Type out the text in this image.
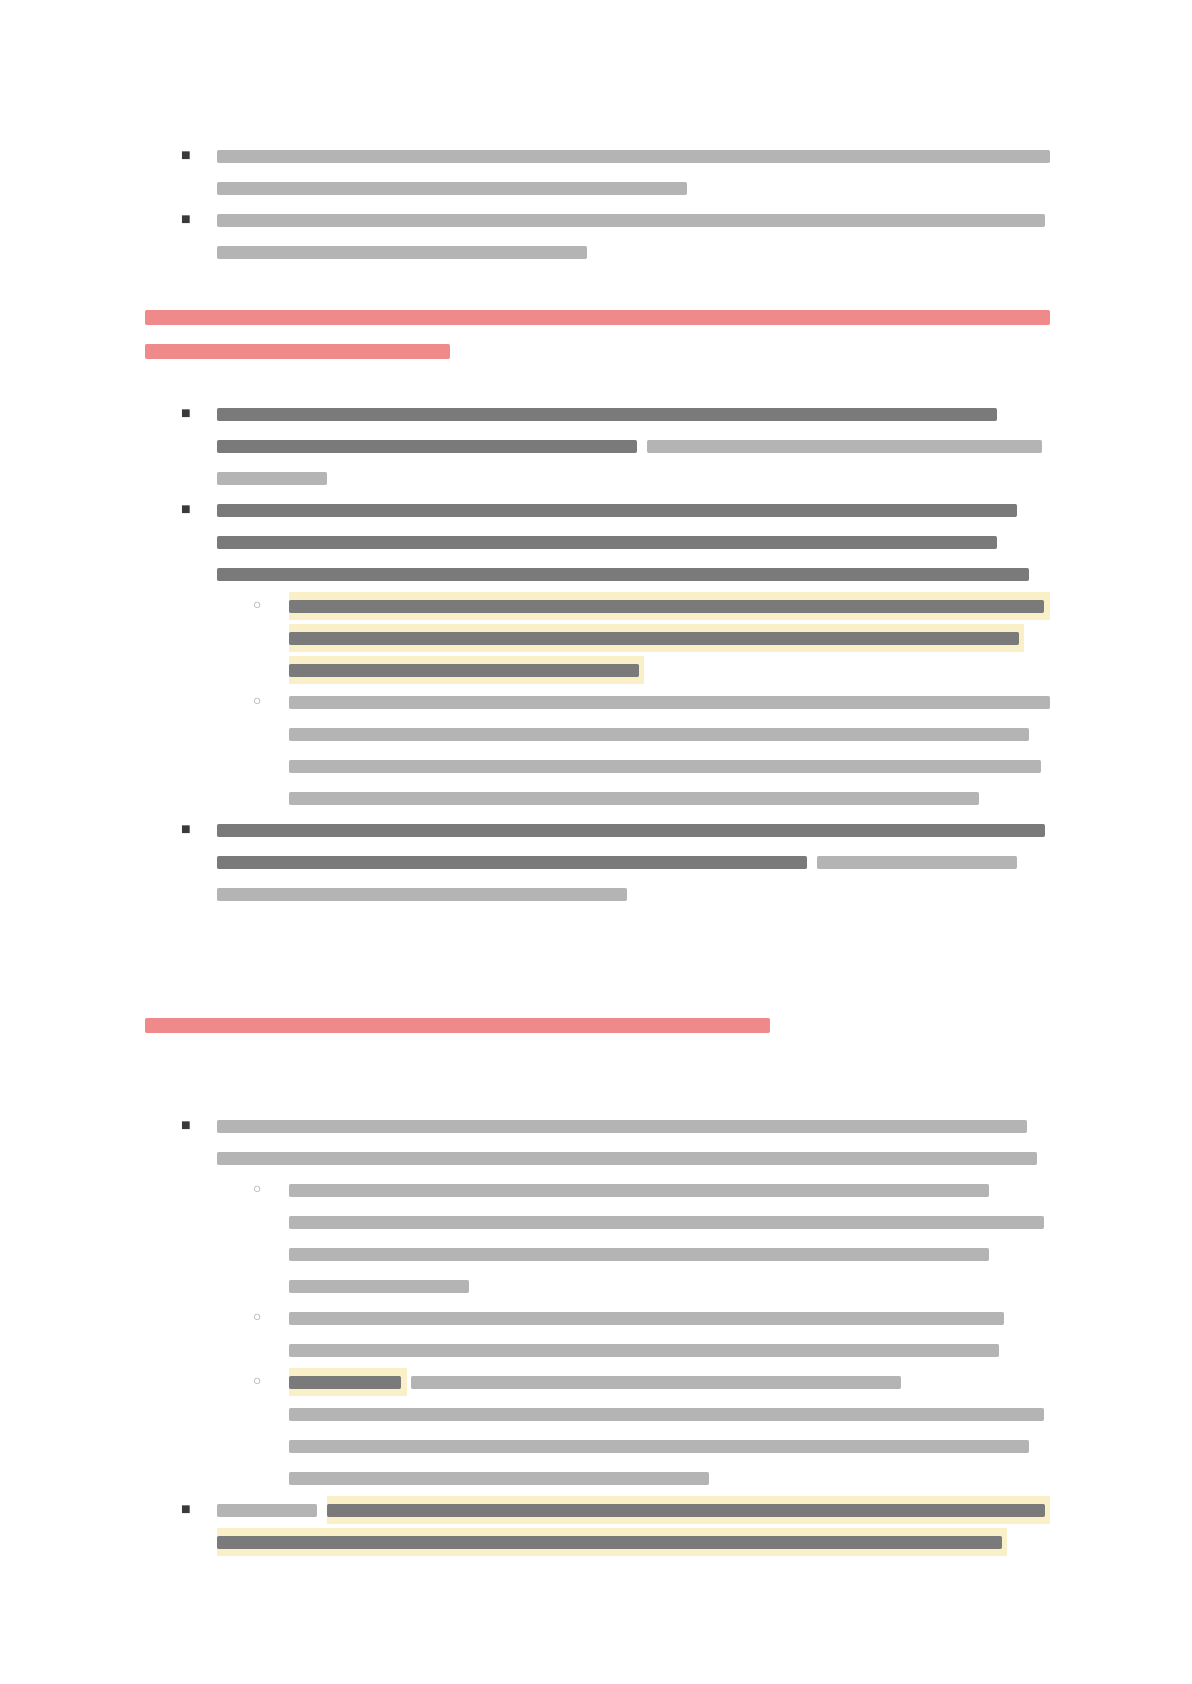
■
■
■
■
○
○
■
■
○
○
○
■
